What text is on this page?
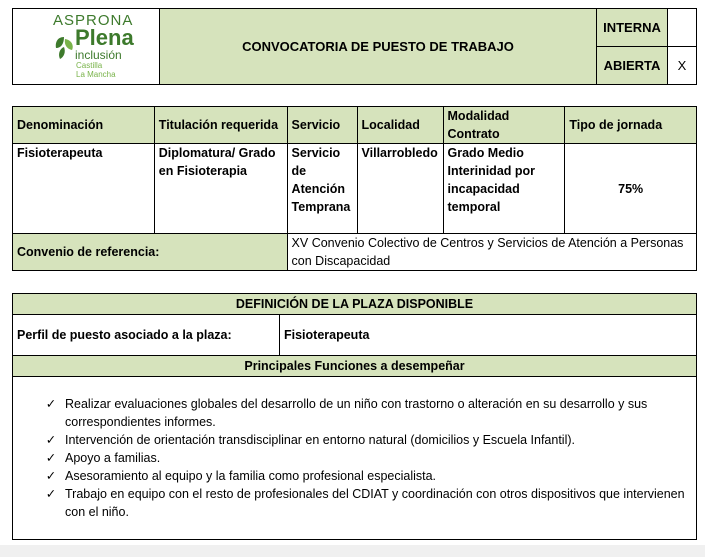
ASPRONA
Plena
inclusión
Castilla
La Mancha	CONVOCATORIA DE PUESTO DE TRABAJO	INTERNA	
		ABIERTA	X
Denominación	Titulación requerida	Servicio	Localidad	Modalidad Contrato	Tipo de jornada
Fisioterapeuta	Diplomatura/ Grado en Fisioterapia	Servicio de Atención Temprana	Villarrobledo	Grado Medio Interinidad por incapacidad temporal	75%
Convenio de referencia:		XV Convenio Colectivo de Centros y Servicios de Atención a Personas con Discapacidad			
DEFINICIÓN DE LA PLAZA DISPONIBLE
Perfil de puesto asociado a la plaza:	Fisioterapeuta
Principales Funciones a desempeñar

✓ Realizar evaluaciones globales del desarrollo de un niño con trastorno o alteración en su desarrollo y sus correspondientes informes.
✓ Intervención de orientación transdisciplinar en entorno natural (domicilios y Escuela Infantil).
✓ Apoyo a familias.
✓ Asesoramiento al equipo y la familia como profesional especialista.
✓ Trabajo en equipo con el resto de profesionales del CDIAT y coordinación con otros dispositivos que intervienen con el niño.
